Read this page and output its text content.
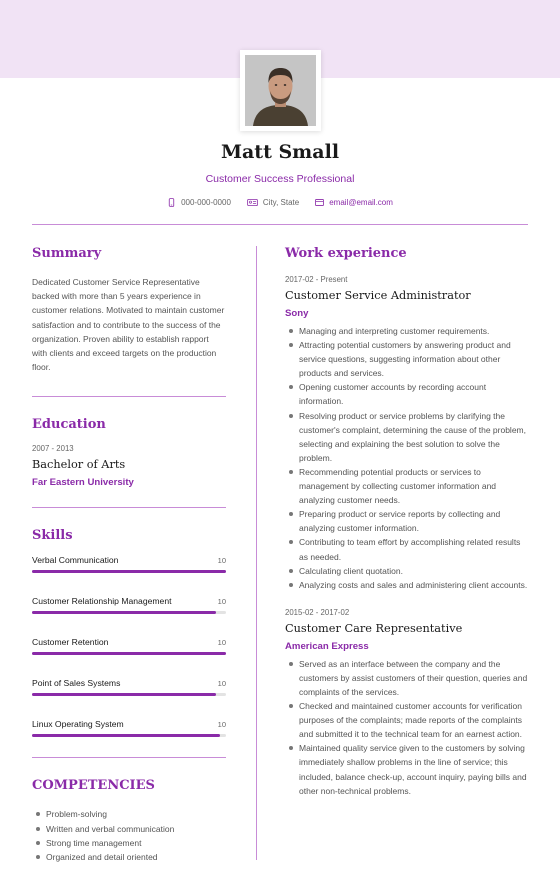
Matt Small
Customer Success Professional
000-000-0000	City, State	email@email.com
Summary
Dedicated Customer Service Representative backed with more than 5 years experience in customer relations. Motivated to maintain customer satisfaction and to contribute to the success of the organization. Proven ability to establish rapport with clients and exceed targets on the production floor.
Education
2007 - 2013
Bachelor of Arts
Far Eastern University
Skills
Verbal Communication	10
Customer Relationship Management	10
Customer Retention	10
Point of Sales Systems	10
Linux Operating System	10
COMPETENCIES
Problem-solving
Written and verbal communication
Strong time management
Organized and detail oriented
Work experience
2017-02 - Present
Customer Service Administrator
Sony
Managing and interpreting customer requirements.
Attracting potential customers by answering product and service questions, suggesting information about other products and services.
Opening customer accounts by recording account information.
Resolving product or service problems by clarifying the customer's complaint, determining the cause of the problem, selecting and explaining the best solution to solve the problem.
Recommending potential products or services to management by collecting customer information and analyzing customer needs.
Preparing product or service reports by collecting and analyzing customer information.
Contributing to team effort by accomplishing related results as needed.
Calculating client quotation.
Analyzing costs and sales and administering client accounts.
2015-02 - 2017-02
Customer Care Representative
American Express
Served as an interface between the company and the customers by assist customers of their question, queries and complaints of the services.
Checked and maintained customer accounts for verification purposes of the complaints; made reports of the complaints and submitted it to the technical team for an earnest action.
Maintained quality service given to the customers by solving immediately shallow problems in the line of service; this included, balance check-up, account inquiry, paying bills and other non-technical problems.
